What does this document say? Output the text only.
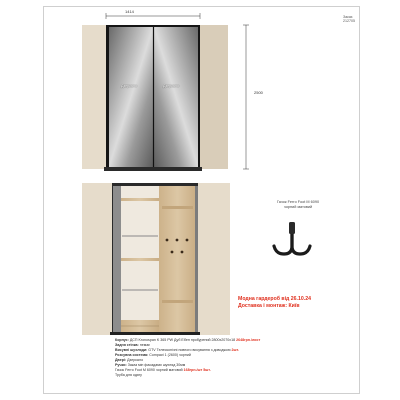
Заказ 212705
1414
2500
Дзеркало	Дзеркало
Гачок Ferro Foot M 6090
чорний матовий
Модна гардероб від 26.10.24
Доставка і монтаж: Київ
Корпус: ДСП Kronospan K 365 PW Дуб Ебен пробурений 2800x2070x18 2648грн./лист
Задня стінка: немає
Висувні шухляди: GTV Телескопічні повного висування з доводжою 2шт.
Розсувна система: Compact 1 (2600) чорний
Двері: Дзеркало
Ручки: Заказ мін фасадами шухляд 30мм
Гачок Ferro Foot M 6090 чорний матовий 168грн./шт 5шт.
Труба для одягу
